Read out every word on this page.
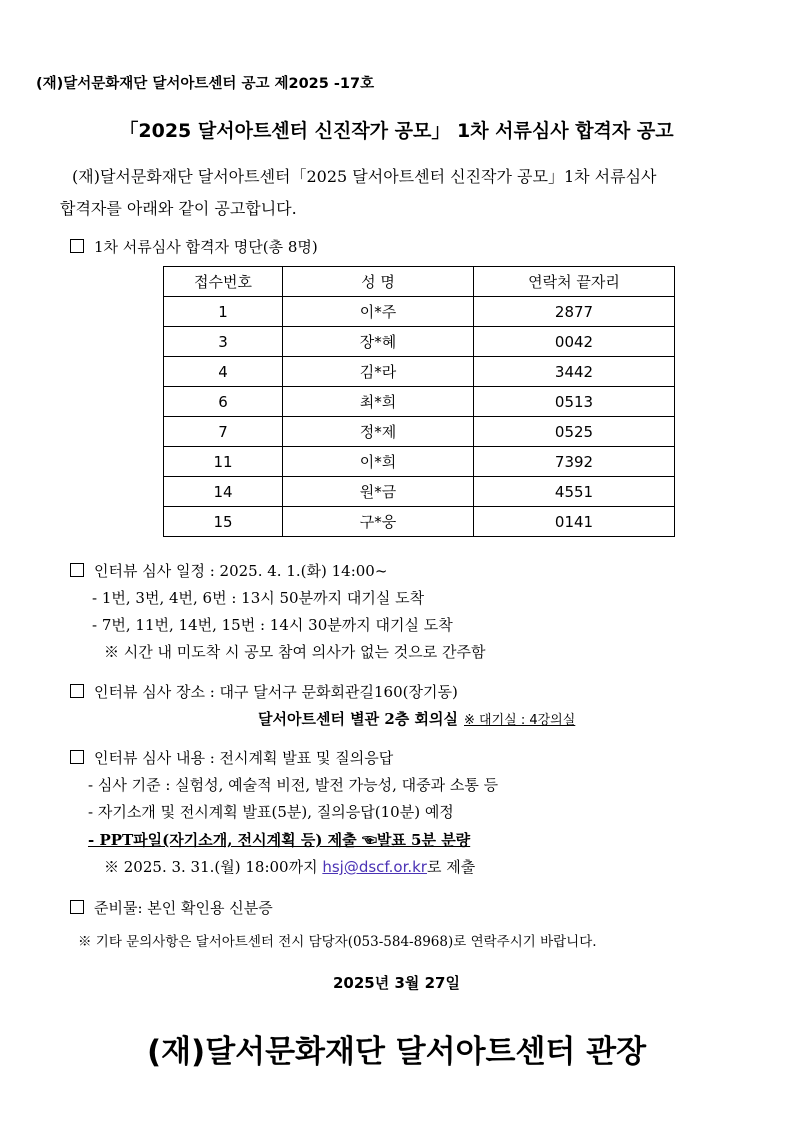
(재)달서문화재단 달서아트센터 공고 제2025 -17호
「2025 달서아트센터 신진작가 공모」 1차 서류심사 합격자 공고
(재)달서문화재단 달서아트센터「2025 달서아트센터 신진작가 공모」1차 서류심사
합격자를 아래와 같이 공고합니다.
1차 서류심사 합격자 명단(총 8명)
접수번호	성 명	연락처 끝자리
1	이*주	2877
3	장*혜	0042
4	김*라	3442
6	최*희	0513
7	정*제	0525
11	이*희	7392
14	원*금	4551
15	구*웅	0141
인터뷰 심사 일정 : 2025. 4. 1.(화) 14:00~
- 1번, 3번, 4번, 6번 : 13시 50분까지 대기실 도착
- 7번, 11번, 14번, 15번 : 14시 30분까지 대기실 도착
※ 시간 내 미도착 시 공모 참여 의사가 없는 것으로 간주함
인터뷰 심사 장소 : 대구 달서구 문화회관길160(장기동)
달서아트센터 별관 2층 회의실 ※ 대기실 : 4강의실
인터뷰 심사 내용 : 전시계획 발표 및 질의응답
- 심사 기준 : 실험성, 예술적 비전, 발전 가능성, 대중과 소통 등
- 자기소개 및 전시계획 발표(5분), 질의응답(10분) 예정
- PPT파일(자기소개, 전시계획 등) 제출 ☜발표 5분 분량
※ 2025. 3. 31.(월) 18:00까지 hsj@dscf.or.kr로 제출
준비물: 본인 확인용 신분증
※ 기타 문의사항은 달서아트센터 전시 담당자(053-584-8968)로 연락주시기 바랍니다.
2025년 3월 27일
(재)달서문화재단 달서아트센터 관장
